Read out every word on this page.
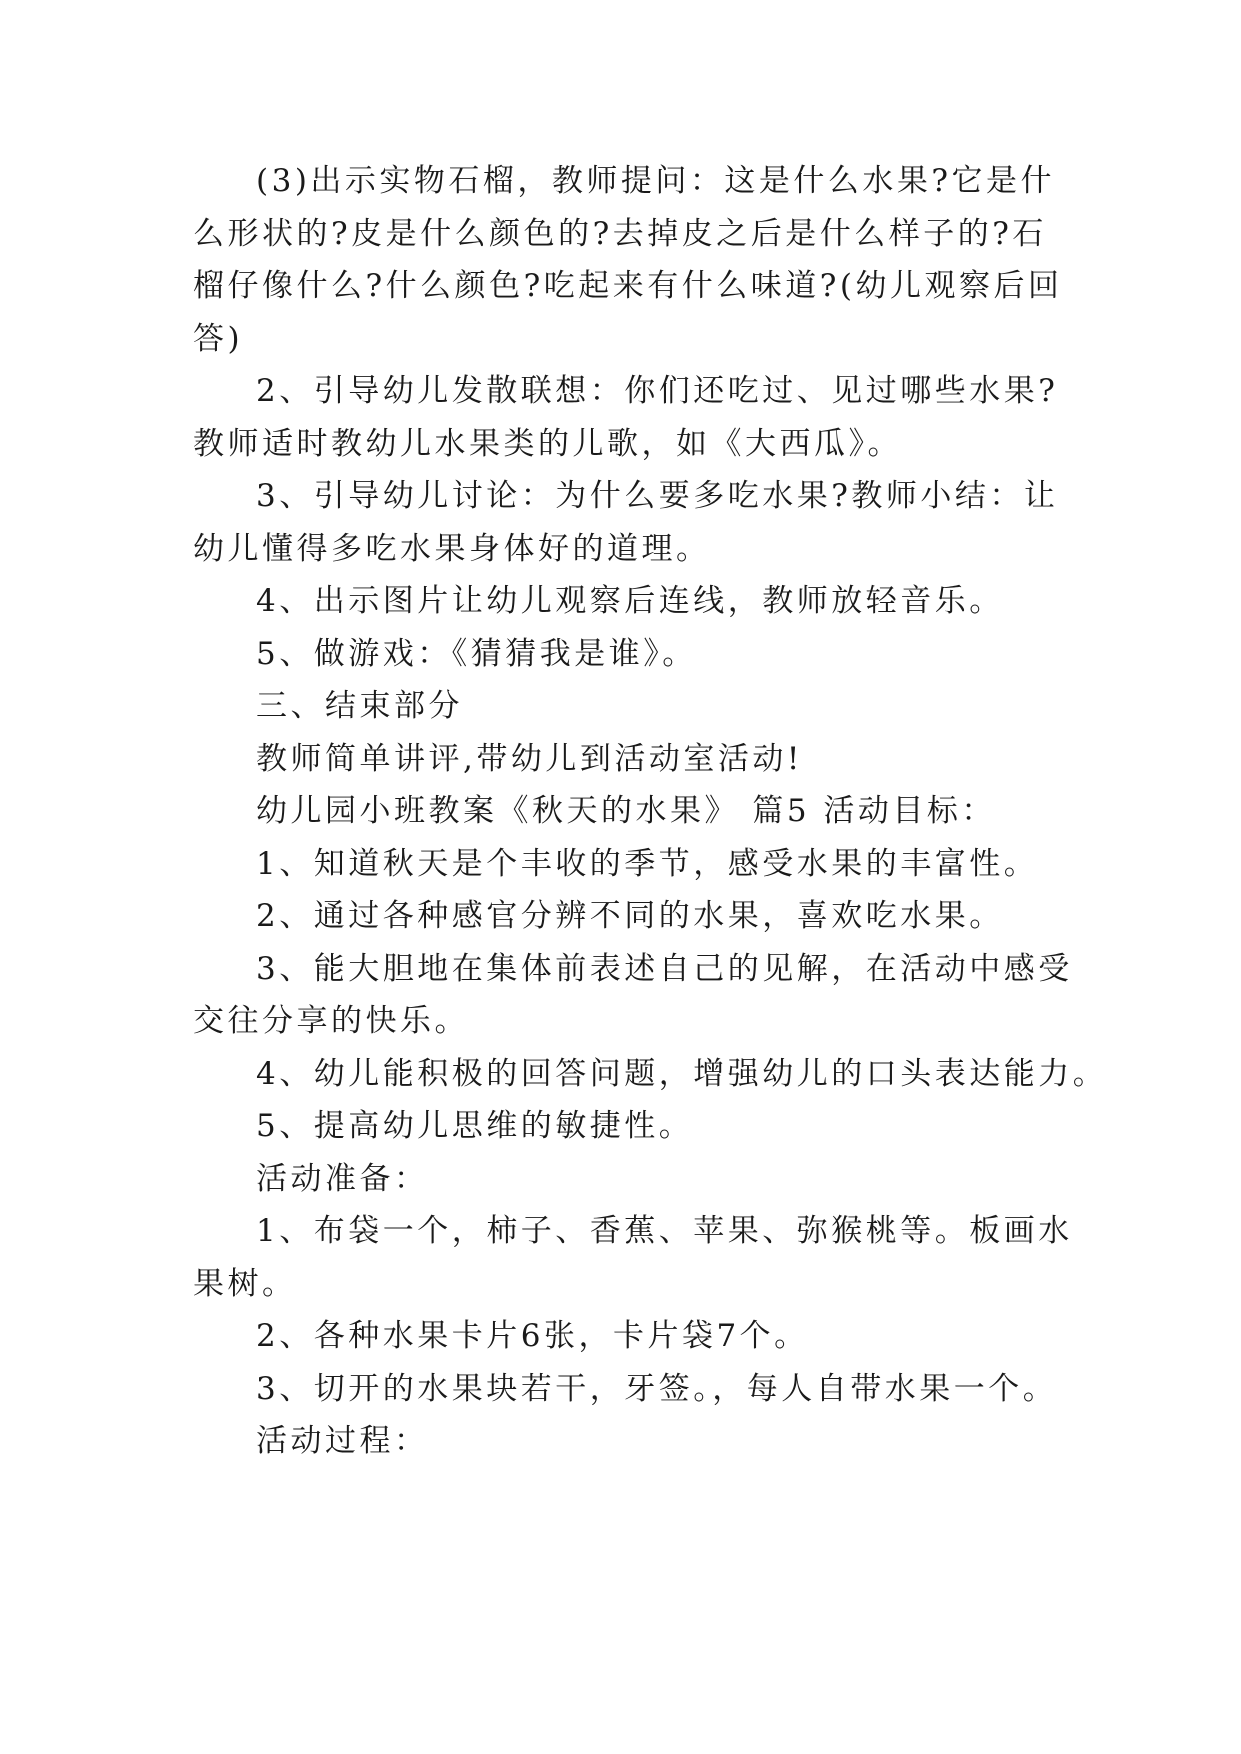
(3)出示实物石榴，教师提问：这是什么水果?它是什么形状的?皮是什么颜色的?去掉皮之后是什么样子的?石榴仔像什么?什么颜色?吃起来有什么味道?(幼儿观察后回答)

2、引导幼儿发散联想：你们还吃过、见过哪些水果?教师适时教幼儿水果类的儿歌，如《大西瓜》。

3、引导幼儿讨论：为什么要多吃水果?教师小结：让幼儿懂得多吃水果身体好的道理。

4、出示图片让幼儿观察后连线，教师放轻音乐。

5、做游戏：《猜猜我是谁》。

三、结束部分

教师简单讲评,带幼儿到活动室活动!

幼儿园小班教案《秋天的水果》 篇5 活动目标：

1、知道秋天是个丰收的季节，感受水果的丰富性。

2、通过各种感官分辨不同的水果，喜欢吃水果。

3、能大胆地在集体前表述自己的见解，在活动中感受交往分享的快乐。

4、幼儿能积极的回答问题，增强幼儿的口头表达能力。

5、提高幼儿思维的敏捷性。

活动准备：

1、布袋一个，柿子、香蕉、苹果、弥猴桃等。板画水果树。

2、各种水果卡片6张，卡片袋7个。

3、切开的水果块若干，牙签。，每人自带水果一个。

活动过程：
